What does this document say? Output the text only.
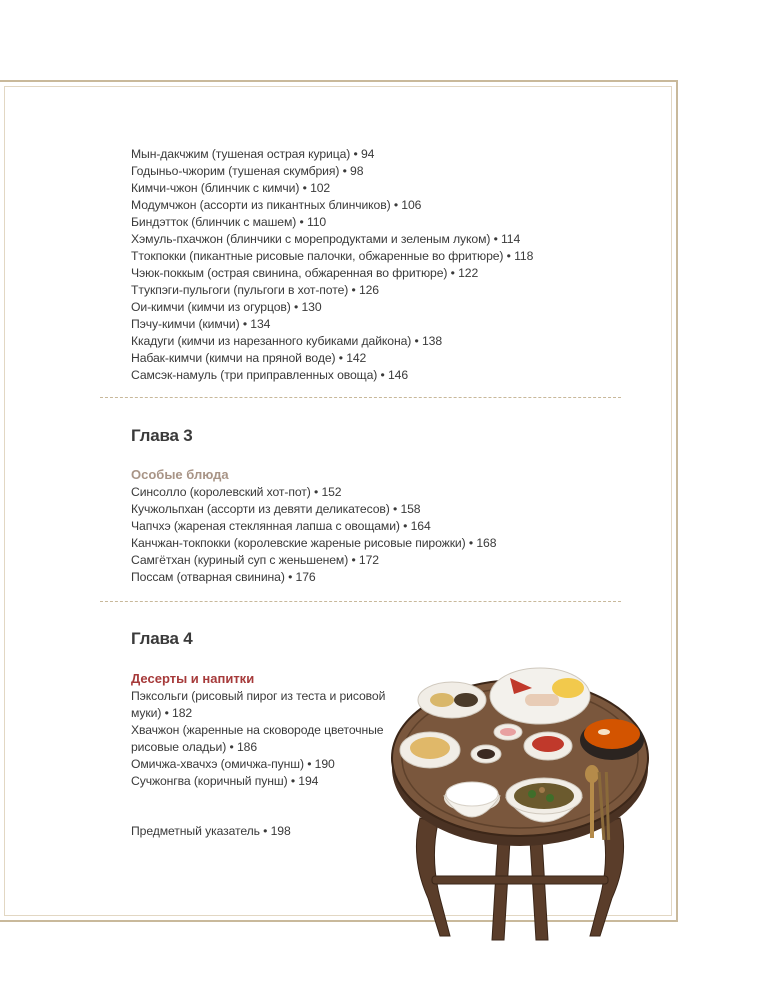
Мын-дакчжим (тушеная острая курица) • 94
Годыньо-чжорим (тушеная скумбрия) • 98
Кимчи-чжон (блинчик с кимчи) • 102
Модумчжон (ассорти из пикантных блинчиков) • 106
Биндэтток (блинчик с машем) • 110
Хэмуль-пхачжон (блинчики с морепродуктами и зеленым луком) • 114
Ттокпокки (пикантные рисовые палочки, обжаренные во фритюре) • 118
Чэюк-поккым (острая свинина, обжаренная во фритюре) • 122
Ттукпэги-пульгоги (пульгоги в хот-поте) • 126
Ои-кимчи (кимчи из огурцов) • 130
Пэчу-кимчи (кимчи) • 134
Ккадуги (кимчи из нарезанного кубиками дайкона) • 138
Набак-кимчи (кимчи на пряной воде) • 142
Самсэк-намуль (три приправленных овоща) • 146
Глава 3
Особые блюда
Синсолло (королевский хот-пот) • 152
Кучжольпхан (ассорти из девяти деликатесов) • 158
Чапчхэ (жареная стеклянная лапша с овощами) • 164
Канчжан-токпокки (королевские жареные рисовые пирожки) • 168
Самгётхан (куриный суп с женьшенем) • 172
Поссам (отварная свинина) • 176
Глава 4
Десерты и напитки
Пэксольги (рисовый пирог из теста и рисовой муки) • 182
Хвачжон (жаренные на сковороде цветочные рисовые оладьи) • 186
Омичжа-хвачхэ (омичжа-пунш) • 190
Сучжонгва (коричный пунш) • 194
Предметный указатель • 198
